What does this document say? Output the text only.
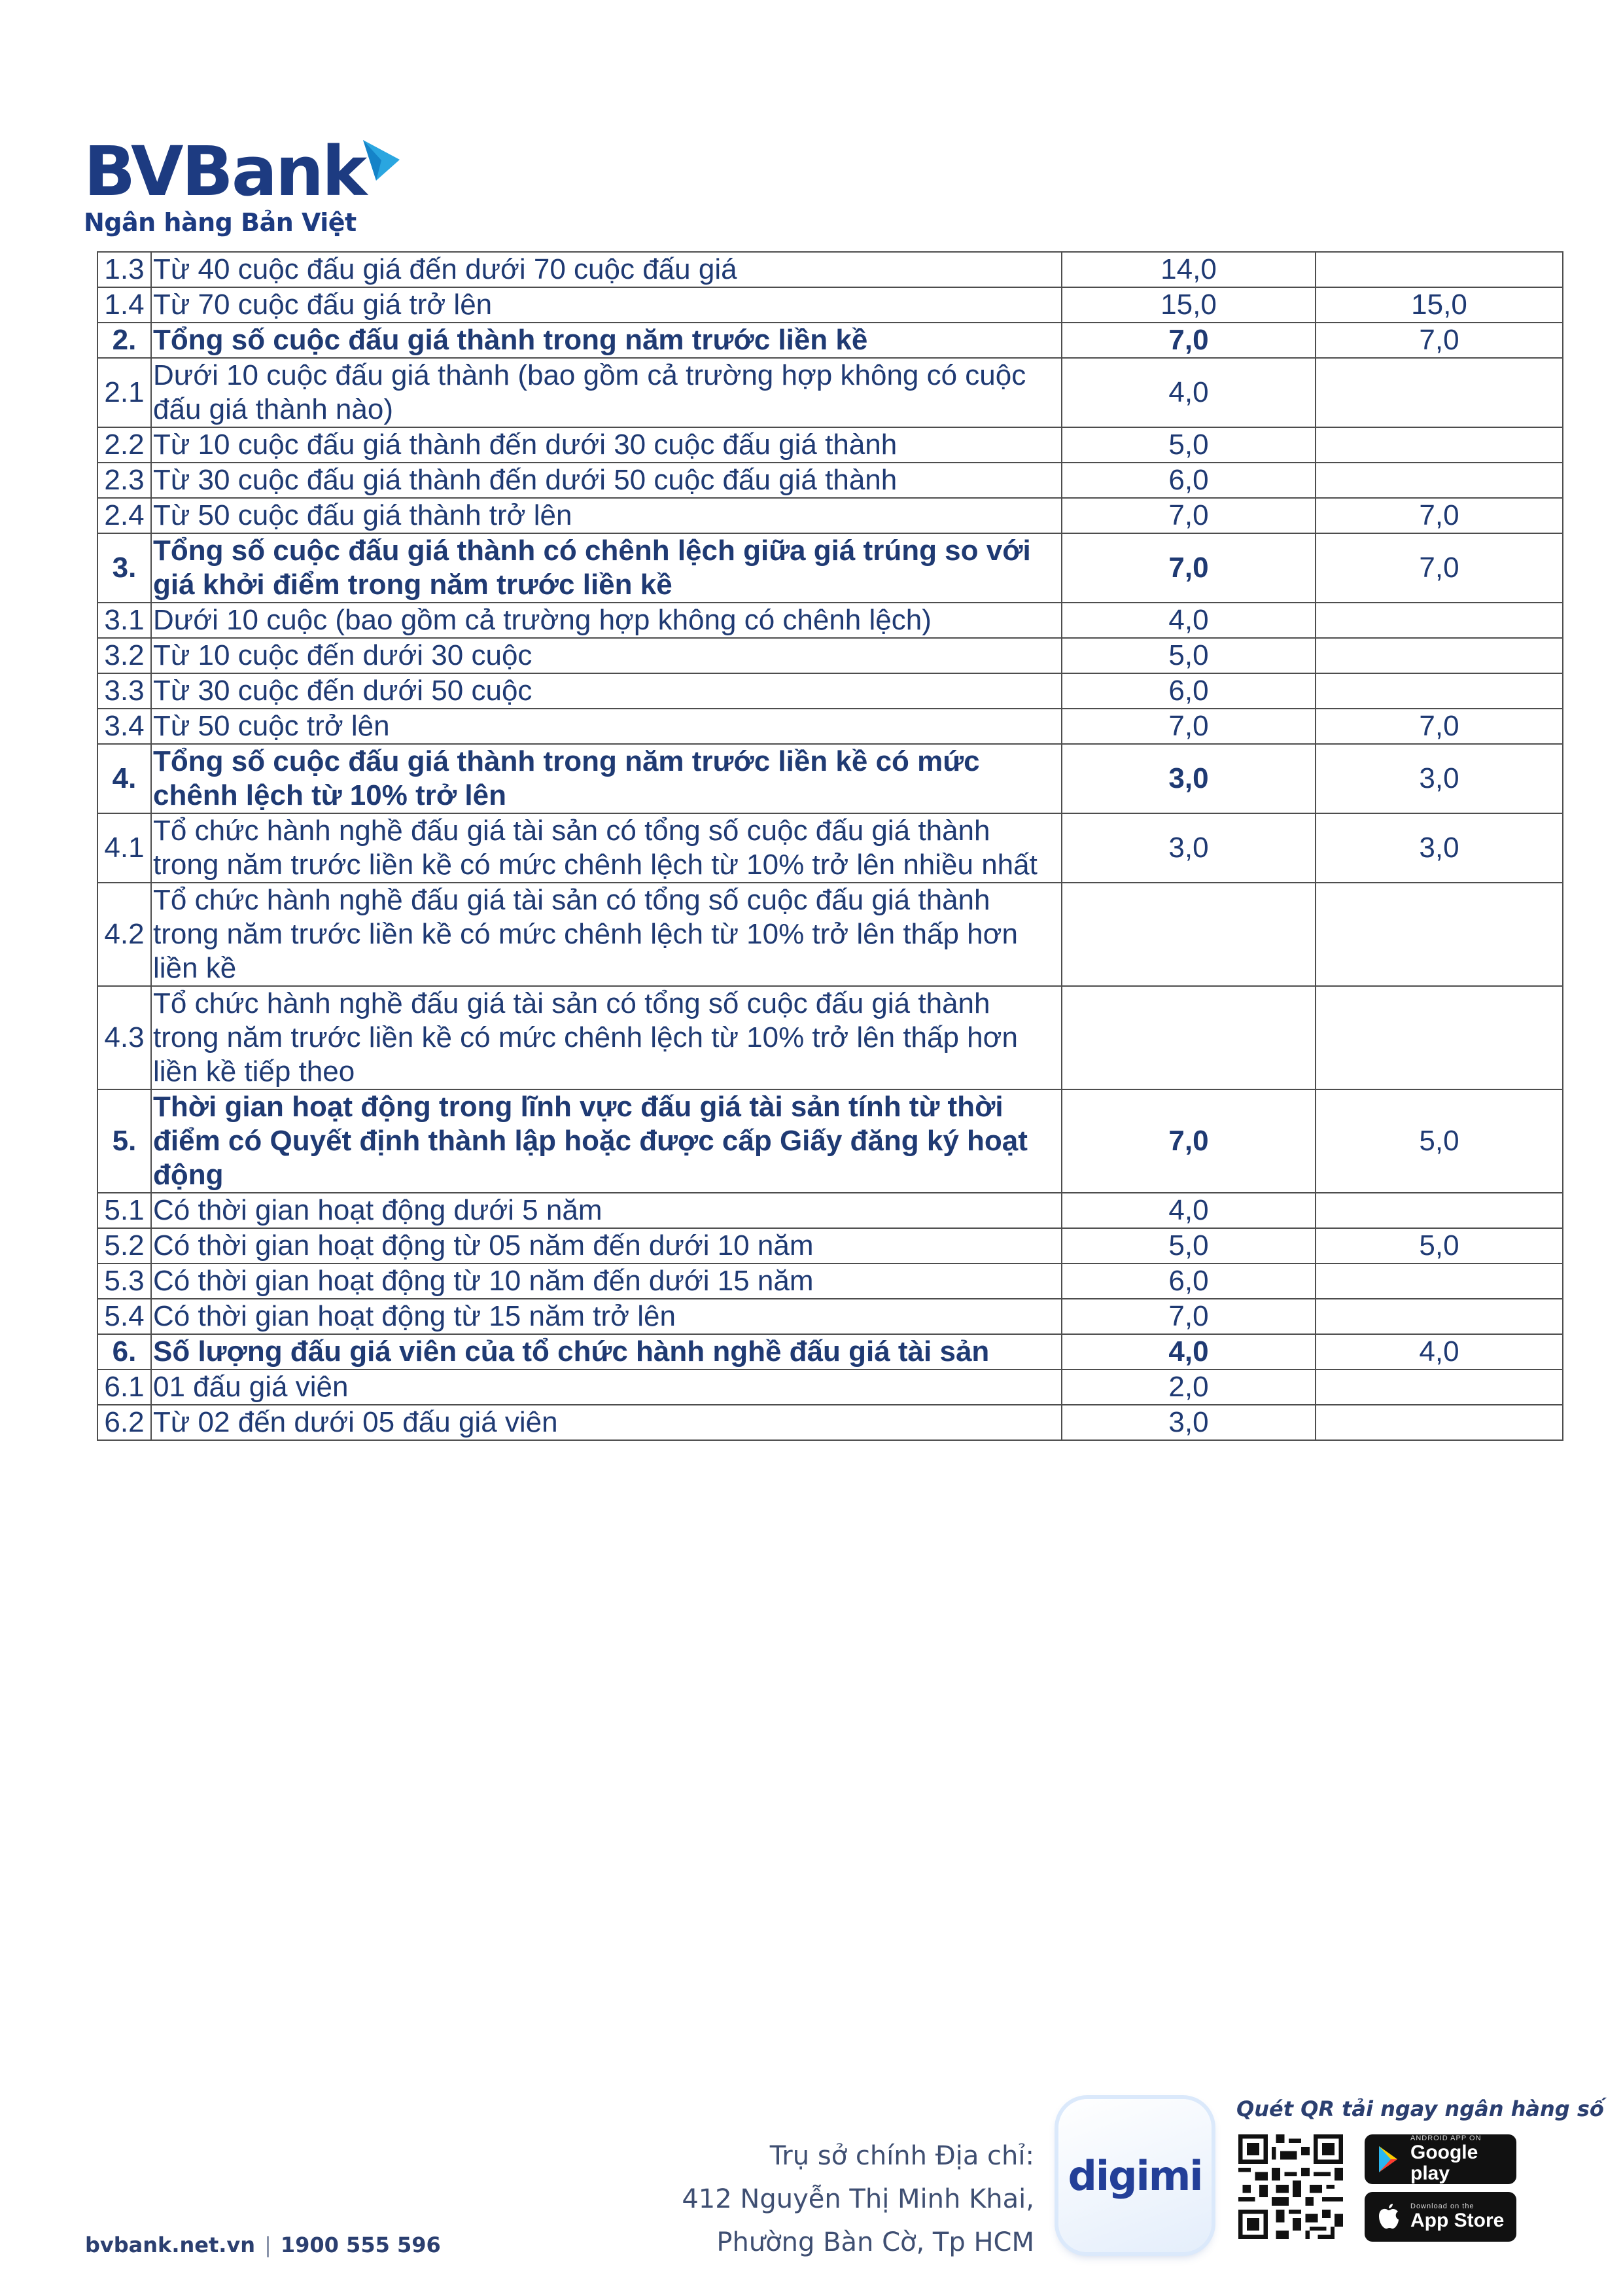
BVBank
Ngân hàng Bản Việt
1.3	Từ 40 cuộc đấu giá đến dưới 70 cuộc đấu giá	14,0	
1.4	Từ 70 cuộc đấu giá trở lên	15,0	15,0
2.	Tổng số cuộc đấu giá thành trong năm trước liền kề	7,0	7,0
2.1	Dưới 10 cuộc đấu giá thành (bao gồm cả trường hợp không có cuộc đấu giá thành nào)	4,0	
2.2	Từ 10 cuộc đấu giá thành đến dưới 30 cuộc đấu giá thành	5,0	
2.3	Từ 30 cuộc đấu giá thành đến dưới 50 cuộc đấu giá thành	6,0	
2.4	Từ 50 cuộc đấu giá thành trở lên	7,0	7,0
3.	Tổng số cuộc đấu giá thành có chênh lệch giữa giá trúng so với giá khởi điểm trong năm trước liền kề	7,0	7,0
3.1	Dưới 10 cuộc (bao gồm cả trường hợp không có chênh lệch)	4,0	
3.2	Từ 10 cuộc đến dưới 30 cuộc	5,0	
3.3	Từ 30 cuộc đến dưới 50 cuộc	6,0	
3.4	Từ 50 cuộc trở lên	7,0	7,0
4.	Tổng số cuộc đấu giá thành trong năm trước liền kề có mức chênh lệch từ 10% trở lên	3,0	3,0
4.1	Tổ chức hành nghề đấu giá tài sản có tổng số cuộc đấu giá thành trong năm trước liền kề có mức chênh lệch từ 10% trở lên nhiều nhất	3,0	3,0
4.2	Tổ chức hành nghề đấu giá tài sản có tổng số cuộc đấu giá thành trong năm trước liền kề có mức chênh lệch từ 10% trở lên thấp hơn liền kề		
4.3	Tổ chức hành nghề đấu giá tài sản có tổng số cuộc đấu giá thành trong năm trước liền kề có mức chênh lệch từ 10% trở lên thấp hơn liền kề tiếp theo		
5.	Thời gian hoạt động trong lĩnh vực đấu giá tài sản tính từ thời điểm có Quyết định thành lập hoặc được cấp Giấy đăng ký hoạt động	7,0	5,0
5.1	Có thời gian hoạt động dưới 5 năm	4,0	
5.2	Có thời gian hoạt động từ 05 năm đến dưới 10 năm	5,0	5,0
5.3	Có thời gian hoạt động từ 10 năm đến dưới 15 năm	6,0	
5.4	Có thời gian hoạt động từ 15 năm trở lên	7,0	
6.	Số lượng đấu giá viên của tổ chức hành nghề đấu giá tài sản	4,0	4,0
6.1	01 đấu giá viên	2,0	
6.2	Từ 02 đến dưới 05 đấu giá viên	3,0	
bvbank.net.vn | 1900 555 596
Trụ sở chính Địa chỉ:
412 Nguyễn Thị Minh Khai,
Phường Bàn Cờ, Tp HCM
digimi
Quét QR tải ngay ngân hàng số
ANDROID APP ON
Google play
Download on the
App Store
